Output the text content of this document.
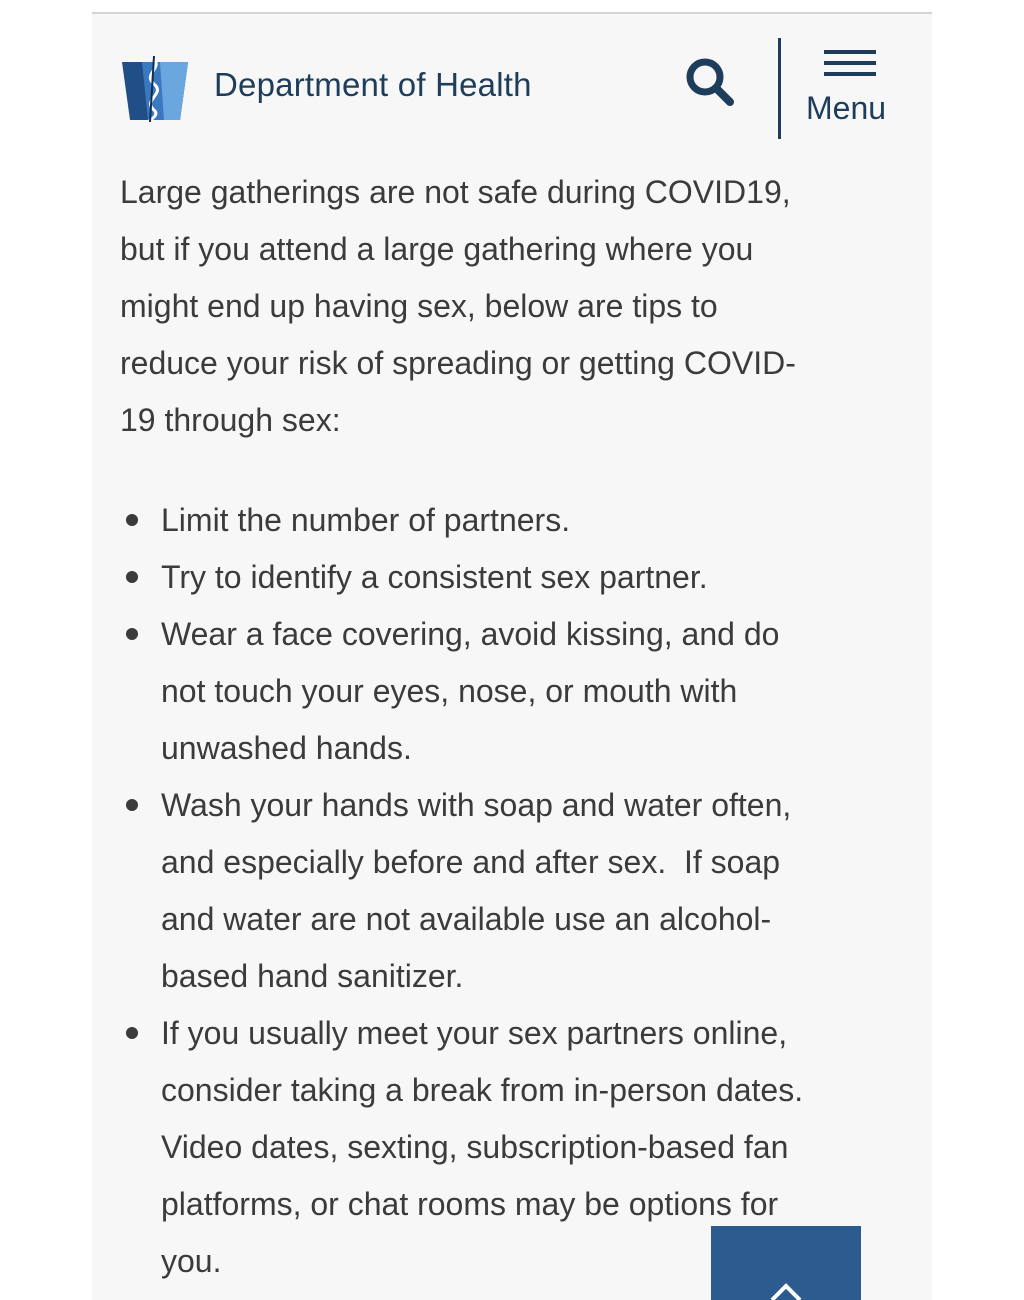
Department of Health
Menu

Large gatherings are not safe during COVID19,
but if you attend a large gathering where you
might end up having sex, below are tips to
reduce your risk of spreading or getting COVID-
19 through sex:

Limit the number of partners.
Try to identify a consistent sex partner.
Wear a face covering, avoid kissing, and do
not touch your eyes, nose, or mouth with
unwashed hands.
Wash your hands with soap and water often,
and especially before and after sex.  If soap
and water are not available use an alcohol-
based hand sanitizer.
If you usually meet your sex partners online,
consider taking a break from in-person dates.
Video dates, sexting, subscription-based fan
platforms, or chat rooms may be options for
you.
